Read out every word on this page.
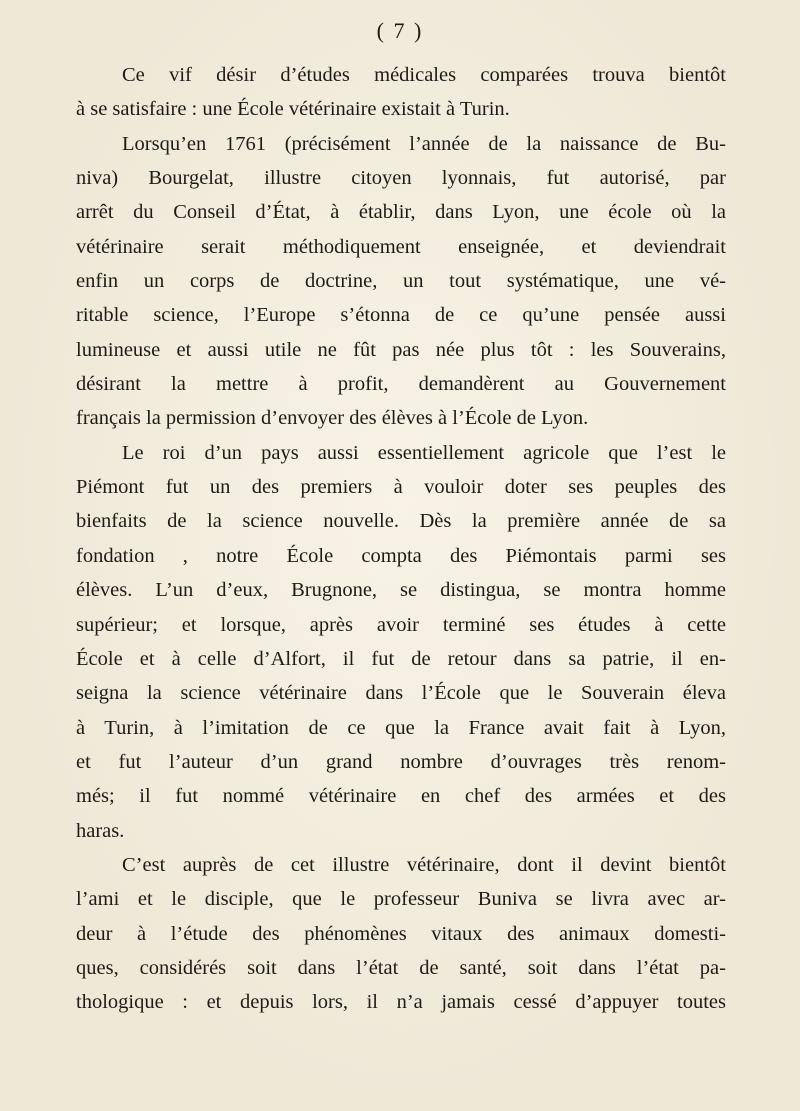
( 7 )
Ce vif désir d’études médicales comparées trouva bientôt
à se satisfaire : une École vétérinaire existait à Turin.
Lorsqu’en 1761 (précisément l’année de la naissance de Bu-
niva) Bourgelat, illustre citoyen lyonnais, fut autorisé, par
arrêt du Conseil d’État, à établir, dans Lyon, une école où la
vétérinaire serait méthodiquement enseignée, et deviendrait
enfin un corps de doctrine, un tout systématique, une vé-
ritable science, l’Europe s’étonna de ce qu’une pensée aussi
lumineuse et aussi utile ne fût pas née plus tôt : les Souverains,
désirant la mettre à profit, demandèrent au Gouvernement
français la permission d’envoyer des élèves à l’École de Lyon.
Le roi d’un pays aussi essentiellement agricole que l’est le
Piémont fut un des premiers à vouloir doter ses peuples des
bienfaits de la science nouvelle. Dès la première année de sa
fondation , notre École compta des Piémontais parmi ses
élèves. L’un d’eux, Brugnone, se distingua, se montra homme
supérieur; et lorsque, après avoir terminé ses études à cette
École et à celle d’Alfort, il fut de retour dans sa patrie, il en-
seigna la science vétérinaire dans l’École que le Souverain éleva
à Turin, à l’imitation de ce que la France avait fait à Lyon,
et fut l’auteur d’un grand nombre d’ouvrages très renom-
més; il fut nommé vétérinaire en chef des armées et des
haras.
C’est auprès de cet illustre vétérinaire, dont il devint bientôt
l’ami et le disciple, que le professeur Buniva se livra avec ar-
deur à l’étude des phénomènes vitaux des animaux domesti-
ques, considérés soit dans l’état de santé, soit dans l’état pa-
thologique : et depuis lors, il n’a jamais cessé d’appuyer toutes
